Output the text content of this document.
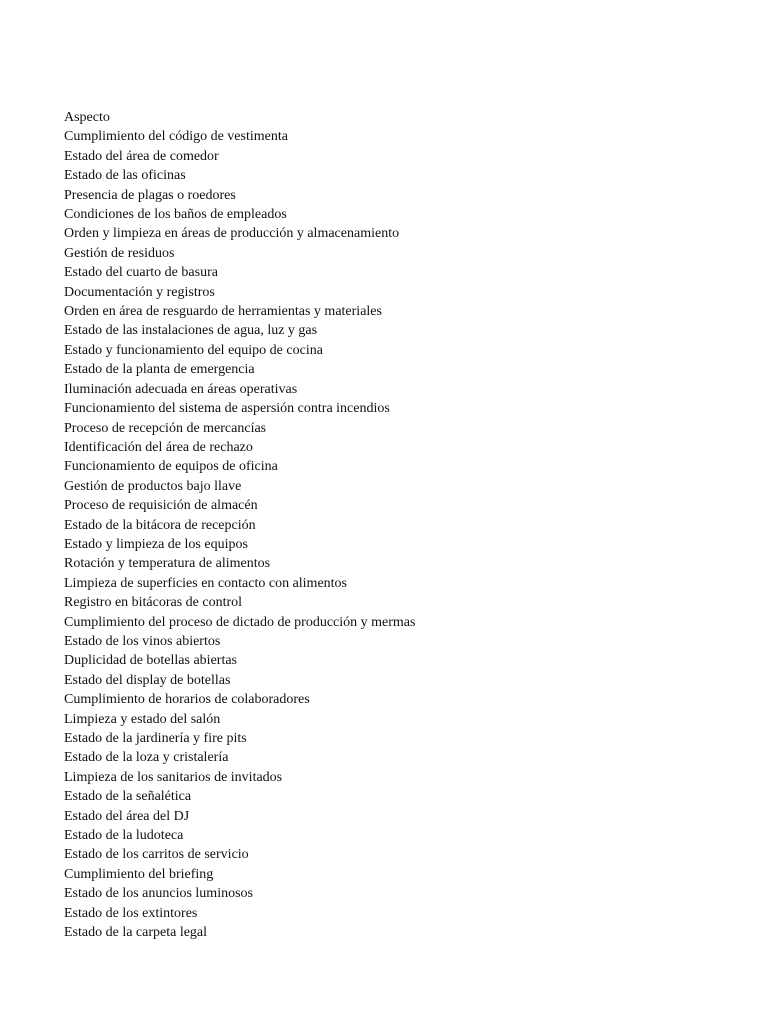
Aspecto
Cumplimiento del código de vestimenta
Estado del área de comedor
Estado de las oficinas
Presencia de plagas o roedores
Condiciones de los baños de empleados
Orden y limpieza en áreas de producción y almacenamiento
Gestión de residuos
Estado del cuarto de basura
Documentación y registros
Orden en área de resguardo de herramientas y materiales
Estado de las instalaciones de agua, luz y gas
Estado y funcionamiento del equipo de cocina
Estado de la planta de emergencia
Iluminación adecuada en áreas operativas
Funcionamiento del sistema de aspersión contra incendios
Proceso de recepción de mercancías
Identificación del área de rechazo
Funcionamiento de equipos de oficina
Gestión de productos bajo llave
Proceso de requisición de almacén
Estado de la bitácora de recepción
Estado y limpieza de los equipos
Rotación y temperatura de alimentos
Limpieza de superficies en contacto con alimentos
Registro en bitácoras de control
Cumplimiento del proceso de dictado de producción y mermas
Estado de los vinos abiertos
Duplicidad de botellas abiertas
Estado del display de botellas
Cumplimiento de horarios de colaboradores
Limpieza y estado del salón
Estado de la jardinería y fire pits
Estado de la loza y cristalería
Limpieza de los sanitarios de invitados
Estado de la señalética
Estado del área del DJ
Estado de la ludoteca
Estado de los carritos de servicio
Cumplimiento del briefing
Estado de los anuncios luminosos
Estado de los extintores
Estado de la carpeta legal
